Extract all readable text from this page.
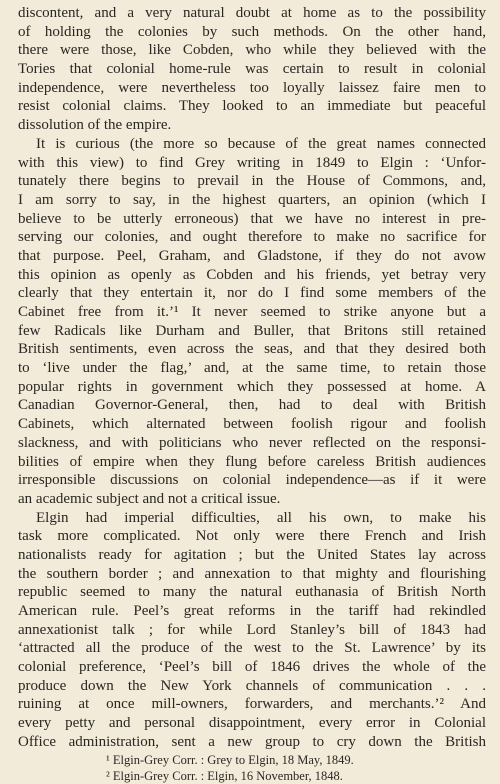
discontent, and a very natural doubt at home as to the possibility
of holding the colonies by such methods. On the other hand,
there were those, like Cobden, who while they believed with the
Tories that colonial home-rule was certain to result in colonial
independence, were nevertheless too loyally laissez faire men to
resist colonial claims. They looked to an immediate but peaceful
dissolution of the empire.
It is curious (the more so because of the great names connected
with this view) to find Grey writing in 1849 to Elgin : ‘Unfor-
tunately there begins to prevail in the House of Commons, and,
I am sorry to say, in the highest quarters, an opinion (which I
believe to be utterly erroneous) that we have no interest in pre-
serving our colonies, and ought therefore to make no sacrifice for
that purpose. Peel, Graham, and Gladstone, if they do not avow
this opinion as openly as Cobden and his friends, yet betray very
clearly that they entertain it, nor do I find some members of the
Cabinet free from it.’¹ It never seemed to strike anyone but a
few Radicals like Durham and Buller, that Britons still retained
British sentiments, even across the seas, and that they desired both
to ‘live under the flag,’ and, at the same time, to retain those
popular rights in government which they possessed at home. A
Canadian Governor-General, then, had to deal with British
Cabinets, which alternated between foolish rigour and foolish
slackness, and with politicians who never reflected on the responsi-
bilities of empire when they flung before careless British audiences
irresponsible discussions on colonial independence—as if it were
an academic subject and not a critical issue.
Elgin had imperial difficulties, all his own, to make his
task more complicated. Not only were there French and Irish
nationalists ready for agitation ; but the United States lay across
the southern border ; and annexation to that mighty and flourishing
republic seemed to many the natural euthanasia of British North
American rule. Peel’s great reforms in the tariff had rekindled
annexationist talk ; for while Lord Stanley’s bill of 1843 had
‘attracted all the produce of the west to the St. Lawrence’ by its
colonial preference, ‘Peel’s bill of 1846 drives the whole of the
produce down the New York channels of communication . . .
ruining at once mill-owners, forwarders, and merchants.’² And
every petty and personal disappointment, every error in Colonial
Office administration, sent a new group to cry down the British
¹ Elgin-Grey Corr. : Grey to Elgin, 18 May, 1849.
² Elgin-Grey Corr. : Elgin, 16 November, 1848.
